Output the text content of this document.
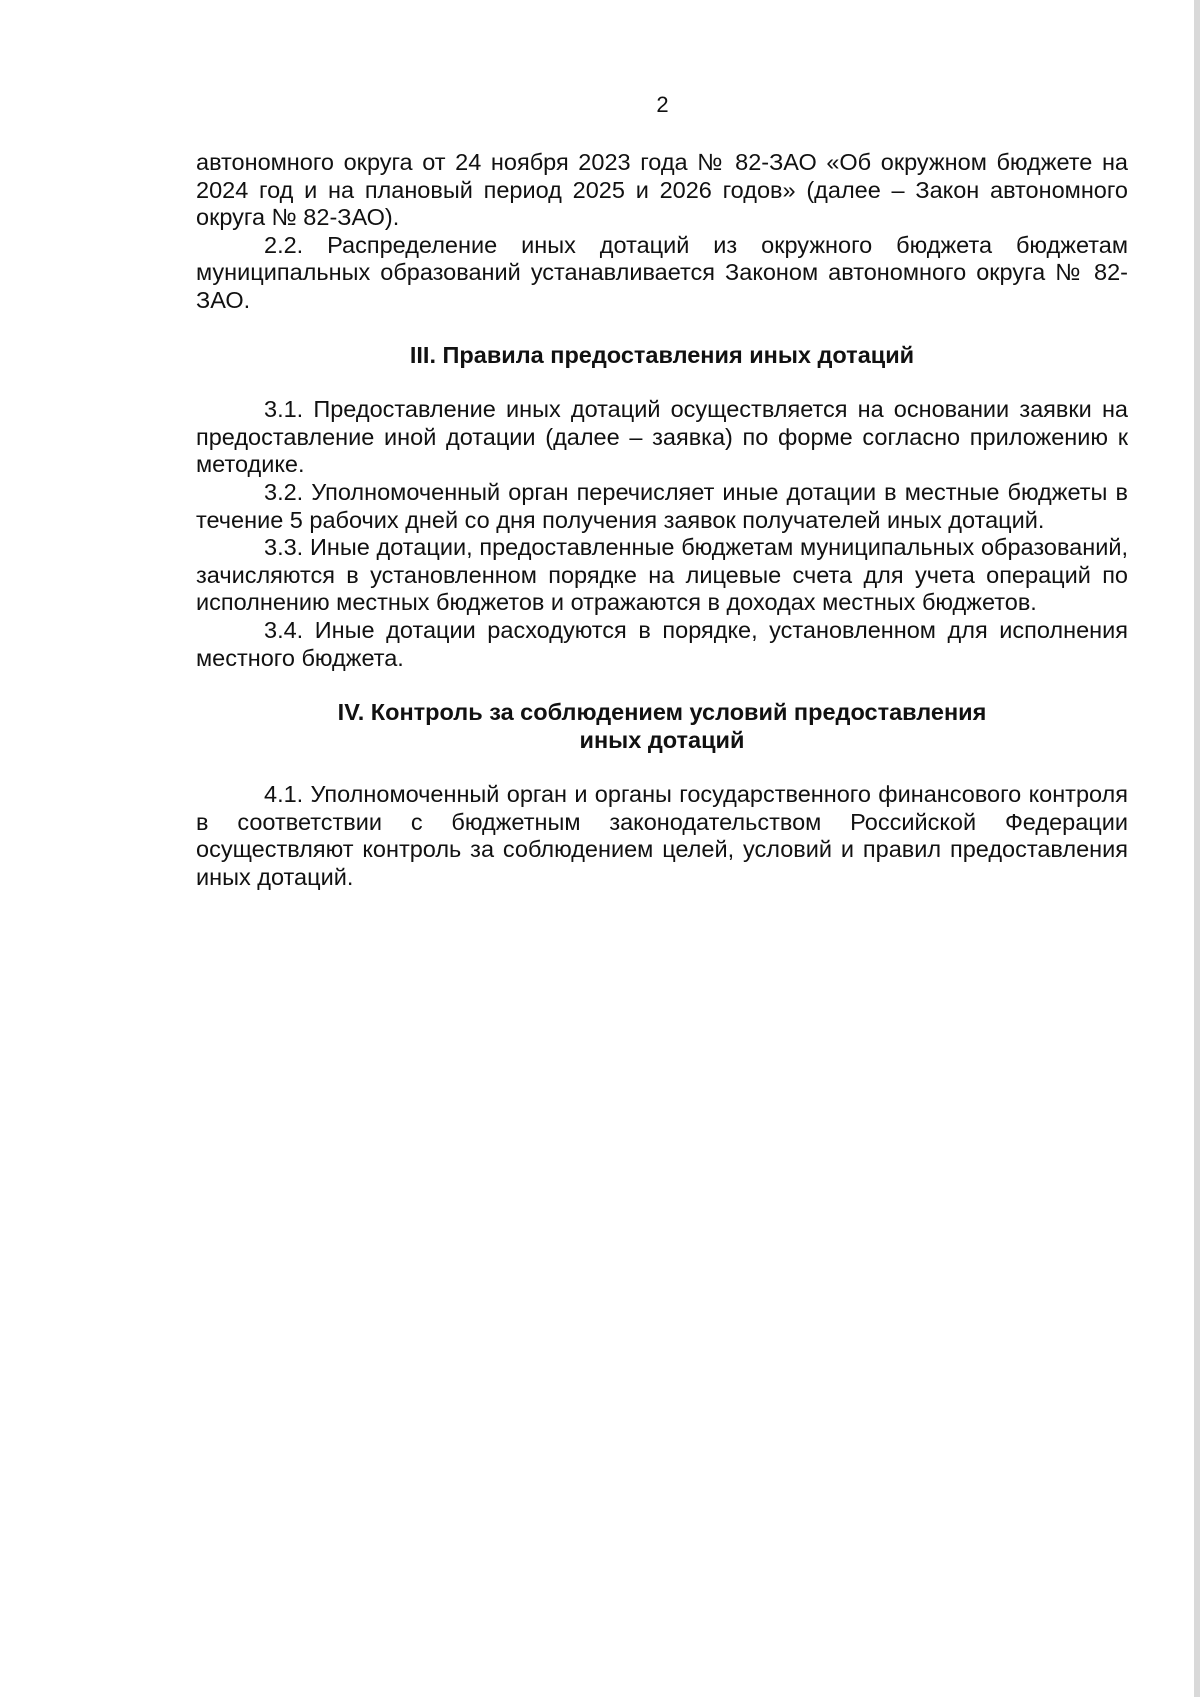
2

автономного округа от 24 ноября 2023 года № 82-ЗАО «Об окружном бюджете на 2024 год и на плановый период 2025 и 2026 годов» (далее – Закон автономного округа № 82-ЗАО).

2.2. Распределение иных дотаций из окружного бюджета бюджетам муниципальных образований устанавливается Законом автономного округа № 82-ЗАО.

III. Правила предоставления иных дотаций

3.1. Предоставление иных дотаций осуществляется на основании заявки на предоставление иной дотации (далее – заявка) по форме согласно приложению к методике.

3.2. Уполномоченный орган перечисляет иные дотации в местные бюджеты в течение 5 рабочих дней со дня получения заявок получателей иных дотаций.

3.3. Иные дотации, предоставленные бюджетам муниципальных образований, зачисляются в установленном порядке на лицевые счета для учета операций по исполнению местных бюджетов и отражаются в доходах местных бюджетов.

3.4. Иные дотации расходуются в порядке, установленном для исполнения местного бюджета.

IV. Контроль за соблюдением условий предоставления
иных дотаций

4.1. Уполномоченный орган и органы государственного финансового контроля в соответствии с бюджетным законодательством Российской Федерации осуществляют контроль за соблюдением целей, условий и правил предоставления иных дотаций.
